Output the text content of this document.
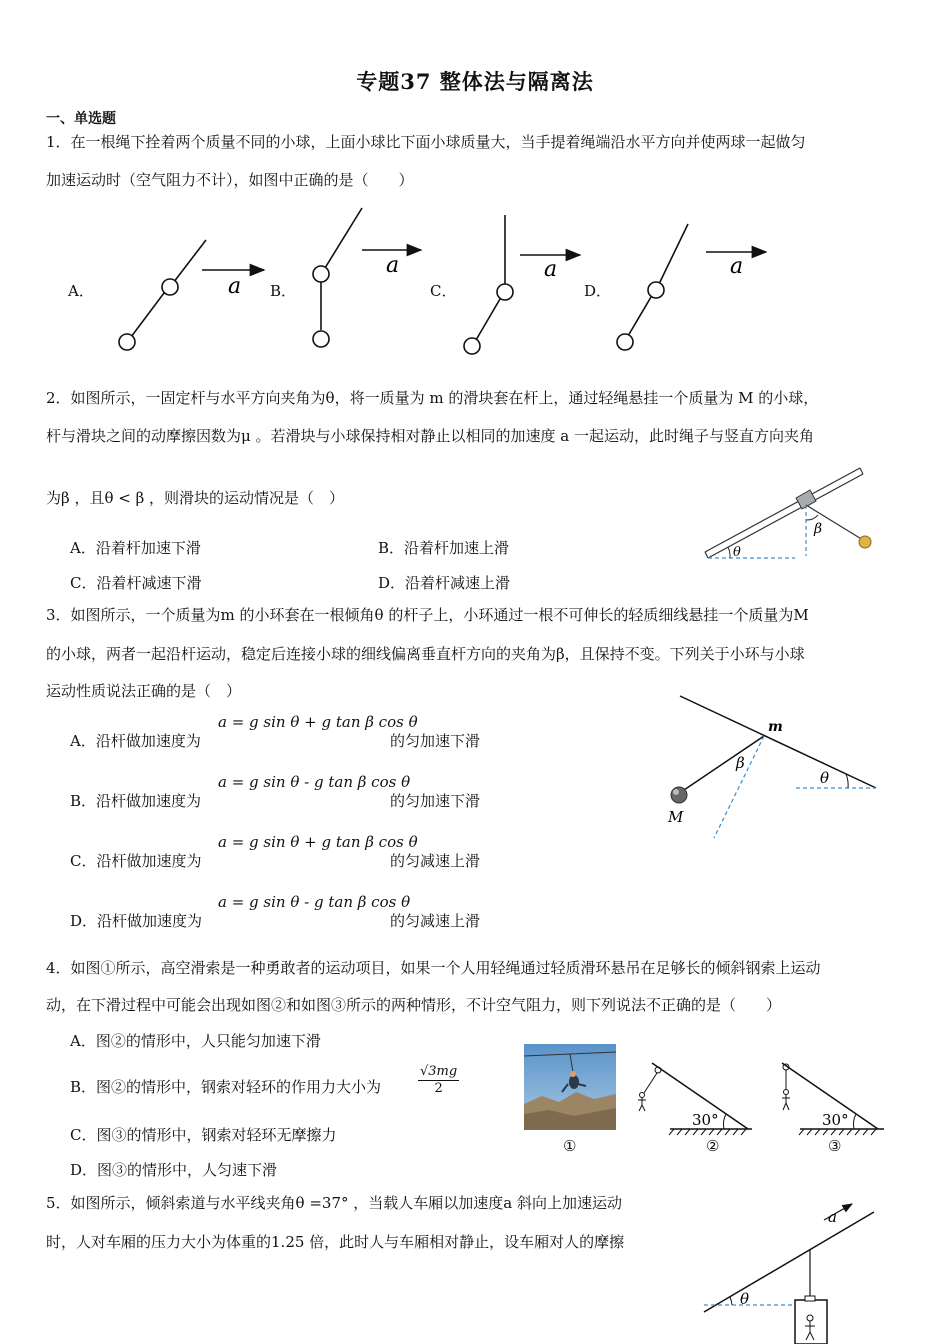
专题37 整体法与隔离法
一、单选题
1．在一根绳下拴着两个质量不同的小球，上面小球比下面小球质量大，当手提着绳端沿水平方向并使两球一起做匀
加速运动时（空气阻力不计），如图中正确的是（　　）
A．	B．	C．	D．
a
a	a	a
2．如图所示，一固定杆与水平方向夹角为θ，将一质量为 m 的滑块套在杆上，通过轻绳悬挂一个质量为 M 的小球，
杆与滑块之间的动摩擦因数为μ 。若滑块与小球保持相对静止以相同的加速度 a 一起运动，此时绳子与竖直方向夹角
为β ，且θ < β ，则滑块的运动情况是（　）
A．沿着杆加速下滑	B．沿着杆加速上滑
C．沿着杆减速下滑	D．沿着杆减速上滑
θ
β
3．如图所示，一个质量为m 的小环套在一根倾角θ 的杆子上，小环通过一根不可伸长的轻质细线悬挂一个质量为M
的小球，两者一起沿杆运动，稳定后连接小球的细线偏离垂直杆方向的夹角为β，且保持不变。下列关于小环与小球
运动性质说法正确的是（　）
A．沿杆做加速度为
a = g sin θ + g tan β cos θ
的匀加速下滑
B．沿杆做加速度为
a = g sin θ - g tan β cos θ
的匀加速下滑
C．沿杆做加速度为
a = g sin θ + g tan β cos θ
的匀减速上滑
D．沿杆做加速度为
a = g sin θ - g tan β cos θ
的匀减速上滑
θ
m
M
β
4．如图①所示，高空滑索是一种勇敢者的运动项目，如果一个人用轻绳通过轻质滑环悬吊在足够长的倾斜钢索上运动
动，在下滑过程中可能会出现如图②和如图③所示的两种情形，不计空气阻力，则下列说法不正确的是（　　）
A．图②的情形中，人只能匀加速下滑
B．图②的情形中，钢索对轻环的作用力大小为	$\frac{√3mg}{2}$
C．图③的情形中，钢索对轻环无摩擦力
D．图③的情形中，人匀速下滑
30°	30°
①	②	③
5．如图所示，倾斜索道与水平线夹角θ =37° ，当载人车厢以加速度a 斜向上加速运动
时，人对车厢的压力大小为体重的1.25 倍，此时人与车厢相对静止，设车厢对人的摩擦
θ
a
